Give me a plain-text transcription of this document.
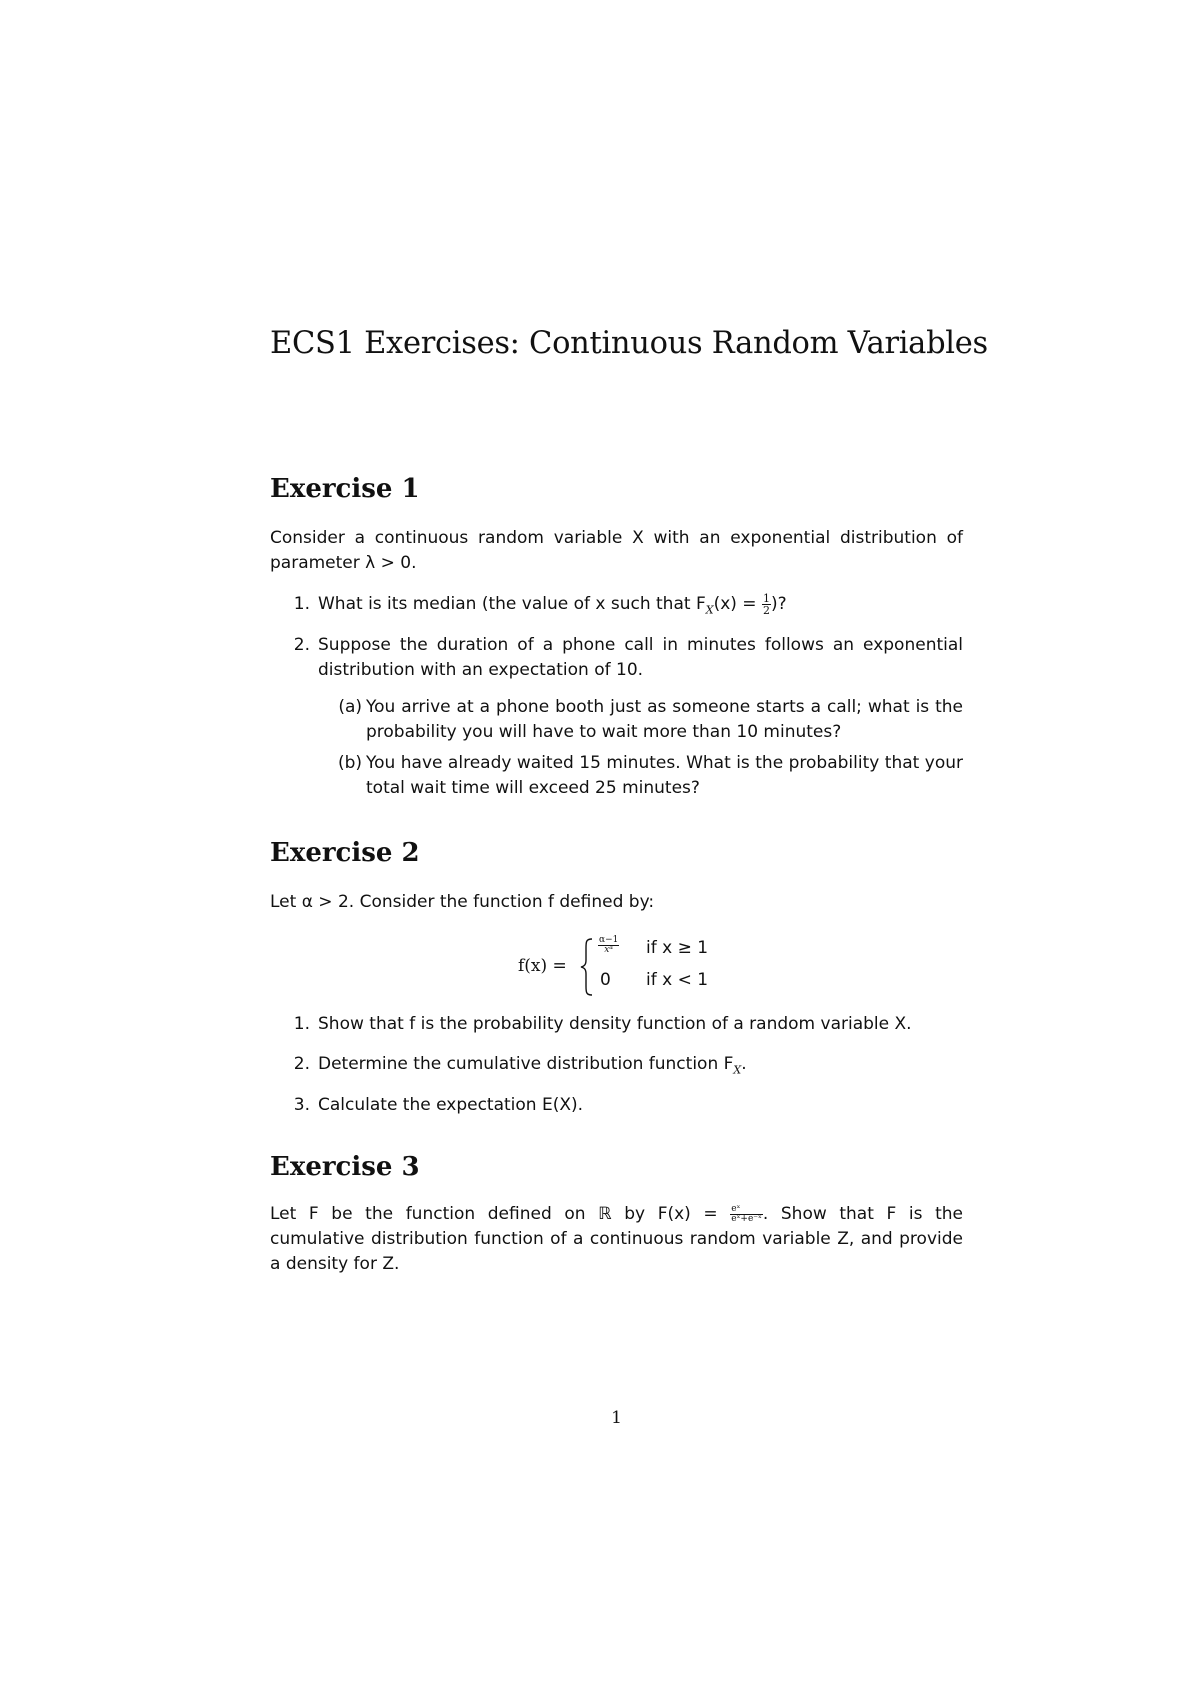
ECS1 Exercises: Continuous Random Variables
Exercise 1
Consider a continuous random variable X with an exponential distribution of
parameter λ > 0.
1. What is its median (the value of x such that $F_X(x) = \frac{1}{2}$ )?
2. Suppose the duration of a phone call in minutes follows an exponential distribution with an expectation of 10.
(a) You arrive at a phone booth just as someone starts a call; what is the probability you will have to wait more than 10 minutes?
(b) You have already waited 15 minutes. What is the probability that your total wait time will exceed 25 minutes?
Exercise 2
Let α > 2. Consider the function f defined by:
f(x) =
$\frac{\alpha-1}{\text{xᵅ}}$ if x ≥ 1
0 if x < 1
1. Show that f is the probability density function of a random variable X.
2. Determine the cumulative distribution function $F_X$.
3. Calculate the expectation E(X).
Exercise 3
Let F be the function defined on ℝ by $F(x) = \frac{\text{eˣ}}{\text{eˣ+e⁻ˣ}}$ . Show that F is the
cumulative distribution function of a continuous random variable Z, and provide
a density for Z.
1
